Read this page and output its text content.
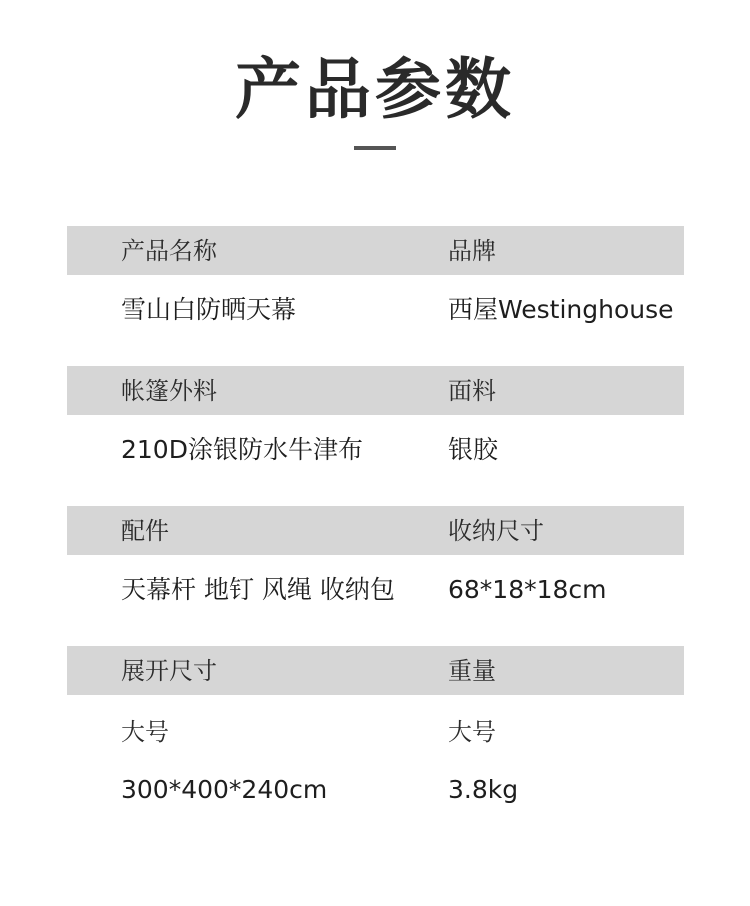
产品参数
产品名称	品牌
雪山白防晒天幕	西屋Westinghouse
帐篷外料	面料
210D涂银防水牛津布	银胶
配件	收纳尺寸
天幕杆 地钉 风绳 收纳包 68*18*18cm
展开尺寸	重量
大号	大号
300*400*240cm	3.8kg
